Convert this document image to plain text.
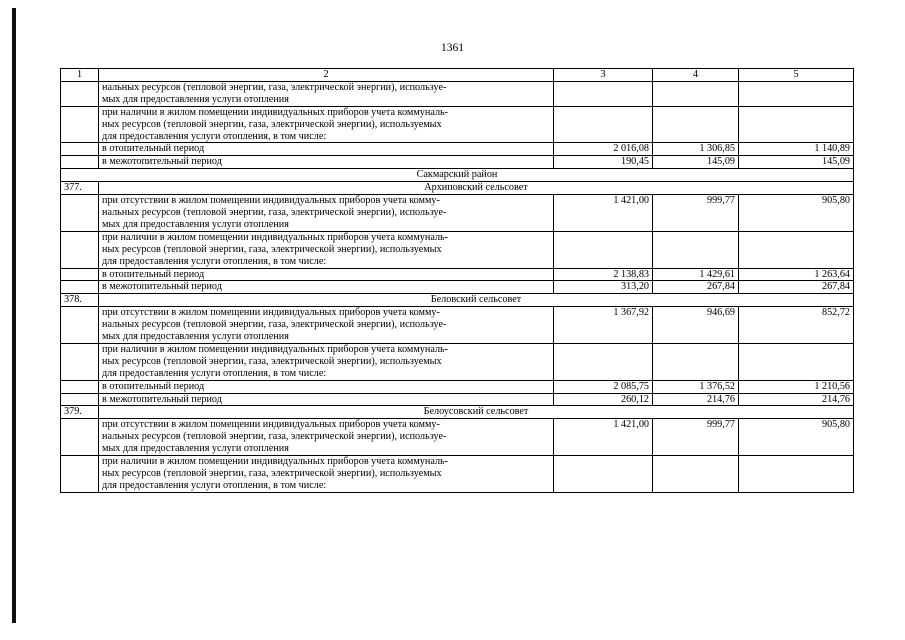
1361
1	2	3	4	5

	нальных ресурсов (тепловой энергии, газа, электрической энергии), используе-
мых для предоставления услуги отопления			

	при наличии в жилом помещении индивидуальных приборов учета коммуналь-
ных ресурсов (тепловой энергии, газа, электрической энергии), используемых
для предоставления услуги отопления, в том числе:			

	в отопительный период	2 016,08	1 306,85	1 140,89

	в межотопительный период	190,45	145,09	145,09
Сакмарский район				
377.	Архиповский сельсовет			

	при отсутствии в жилом помещении индивидуальных приборов учета комму-
нальных ресурсов (тепловой энергии, газа, электрической энергии), используе-
мых для предоставления услуги отопления	1 421,00	999,77	905,80

	при наличии в жилом помещении индивидуальных приборов учета коммуналь-
ных ресурсов (тепловой энергии, газа, электрической энергии), используемых
для предоставления услуги отопления, в том числе:			

	в отопительный период	2 138,83	1 429,61	1 263,64

	в межотопительный период	313,20	267,84	267,84
378.	Беловский сельсовет			

	при отсутствии в жилом помещении индивидуальных приборов учета комму-
нальных ресурсов (тепловой энергии, газа, электрической энергии), используе-
мых для предоставления услуги отопления	1 367,92	946,69	852,72

	при наличии в жилом помещении индивидуальных приборов учета коммуналь-
ных ресурсов (тепловой энергии, газа, электрической энергии), используемых
для предоставления услуги отопления, в том числе:			

	в отопительный период	2 085,75	1 376,52	1 210,56

	в межотопительный период	260,12	214,76	214,76
379.	Белоусовский сельсовет			

	при отсутствии в жилом помещении индивидуальных приборов учета комму-
нальных ресурсов (тепловой энергии, газа, электрической энергии), используе-
мых для предоставления услуги отопления	1 421,00	999,77	905,80

	при наличии в жилом помещении индивидуальных приборов учета коммуналь-
ных ресурсов (тепловой энергии, газа, электрической энергии), используемых
для предоставления услуги отопления, в том числе:			
